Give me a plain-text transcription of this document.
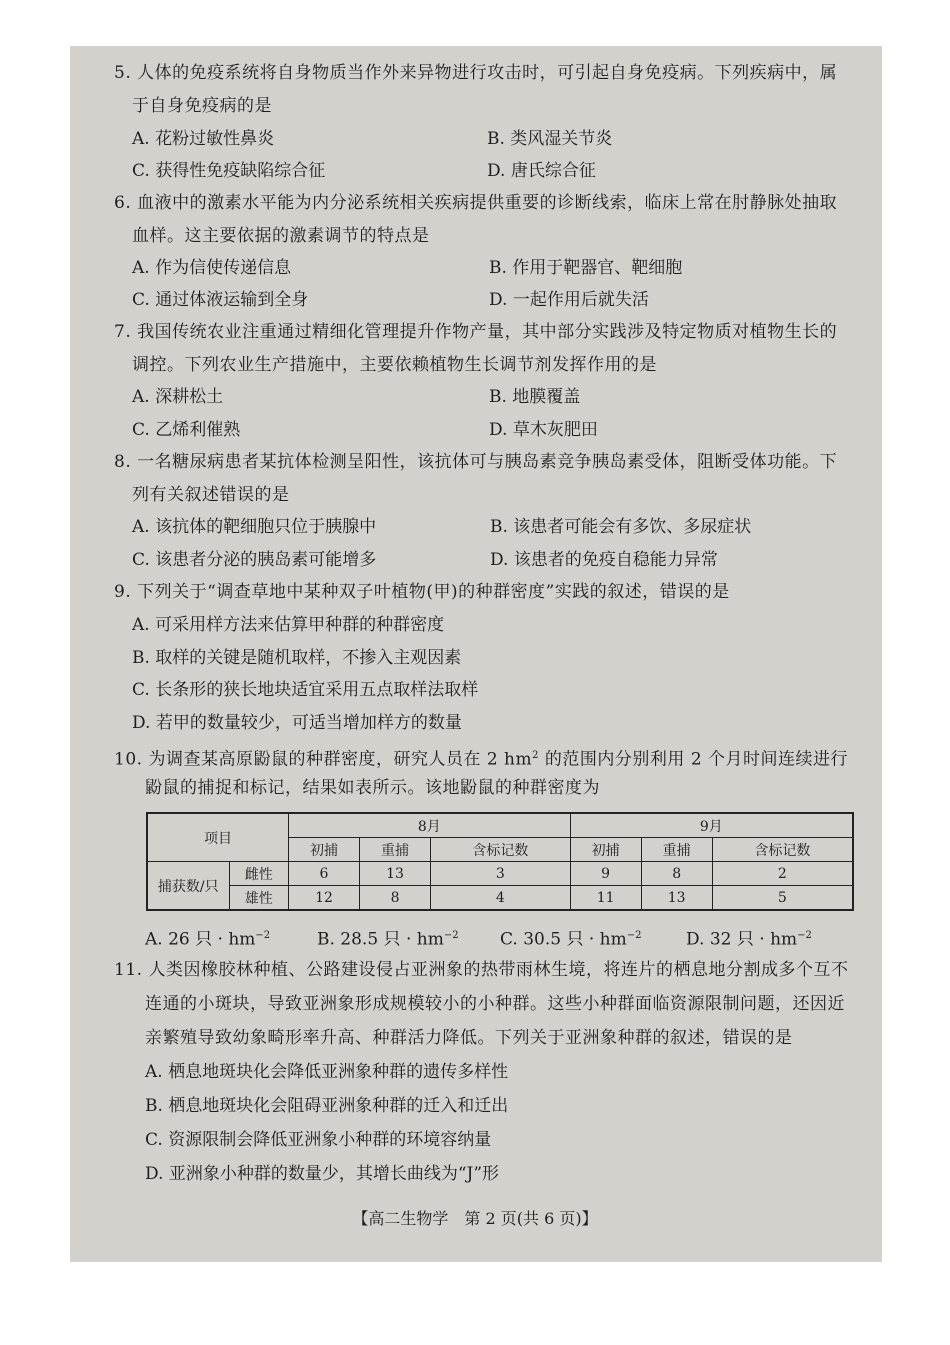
5. 人体的免疫系统将自身物质当作外来异物进行攻击时，可引起自身免疫病。下列疾病中，属
于自身免疫病的是
A. 花粉过敏性鼻炎	B. 类风湿关节炎
C. 获得性免疫缺陷综合征	D. 唐氏综合征
6. 血液中的激素水平能为内分泌系统相关疾病提供重要的诊断线索，临床上常在肘静脉处抽取
血样。这主要依据的激素调节的特点是
A. 作为信使传递信息	B. 作用于靶器官、靶细胞
C. 通过体液运输到全身	D. 一起作用后就失活
7. 我国传统农业注重通过精细化管理提升作物产量，其中部分实践涉及特定物质对植物生长的
调控。下列农业生产措施中，主要依赖植物生长调节剂发挥作用的是
A. 深耕松土	B. 地膜覆盖
C. 乙烯利催熟	D. 草木灰肥田
8. 一名糖尿病患者某抗体检测呈阳性，该抗体可与胰岛素竞争胰岛素受体，阻断受体功能。下
列有关叙述错误的是
A. 该抗体的靶细胞只位于胰腺中	B. 该患者可能会有多饮、多尿症状
C. 该患者分泌的胰岛素可能增多	D. 该患者的免疫自稳能力异常
9. 下列关于“调查草地中某种双子叶植物(甲)的种群密度”实践的叙述，错误的是
A. 可采用样方法来估算甲种群的种群密度
B. 取样的关键是随机取样，不掺入主观因素
C. 长条形的狭长地块适宜采用五点取样法取样
D. 若甲的数量较少，可适当增加样方的数量
10. 为调查某高原鼢鼠的种群密度，研究人员在 2 $hm^2$ 的范围内分别利用 2 个月时间连续进行
鼢鼠的捕捉和标记，结果如表所示。该地鼢鼠的种群密度为
项目		8月			9月		
		初捕	重捕	含标记数	初捕	重捕	含标记数
捕获数/只	雌性	6	13	3	9	8	2
	雄性	12	8	4	11	13	5
A. 26 只 · $hm^{-2}$	B. 28.5 只 · $hm^{-2}$ C. 30.5 只 · $hm^{-2}$	D. 32 只 · $hm^{-2}$
11. 人类因橡胶林种植、公路建设侵占亚洲象的热带雨林生境，将连片的栖息地分割成多个互不
连通的小斑块，导致亚洲象形成规模较小的小种群。这些小种群面临资源限制问题，还因近
亲繁殖导致幼象畸形率升高、种群活力降低。下列关于亚洲象种群的叙述，错误的是
A. 栖息地斑块化会降低亚洲象种群的遗传多样性
B. 栖息地斑块化会阻碍亚洲象种群的迁入和迁出
C. 资源限制会降低亚洲象小种群的环境容纳量
D. 亚洲象小种群的数量少，其增长曲线为“J”形
【高二生物学　第 2 页(共 6 页)】
